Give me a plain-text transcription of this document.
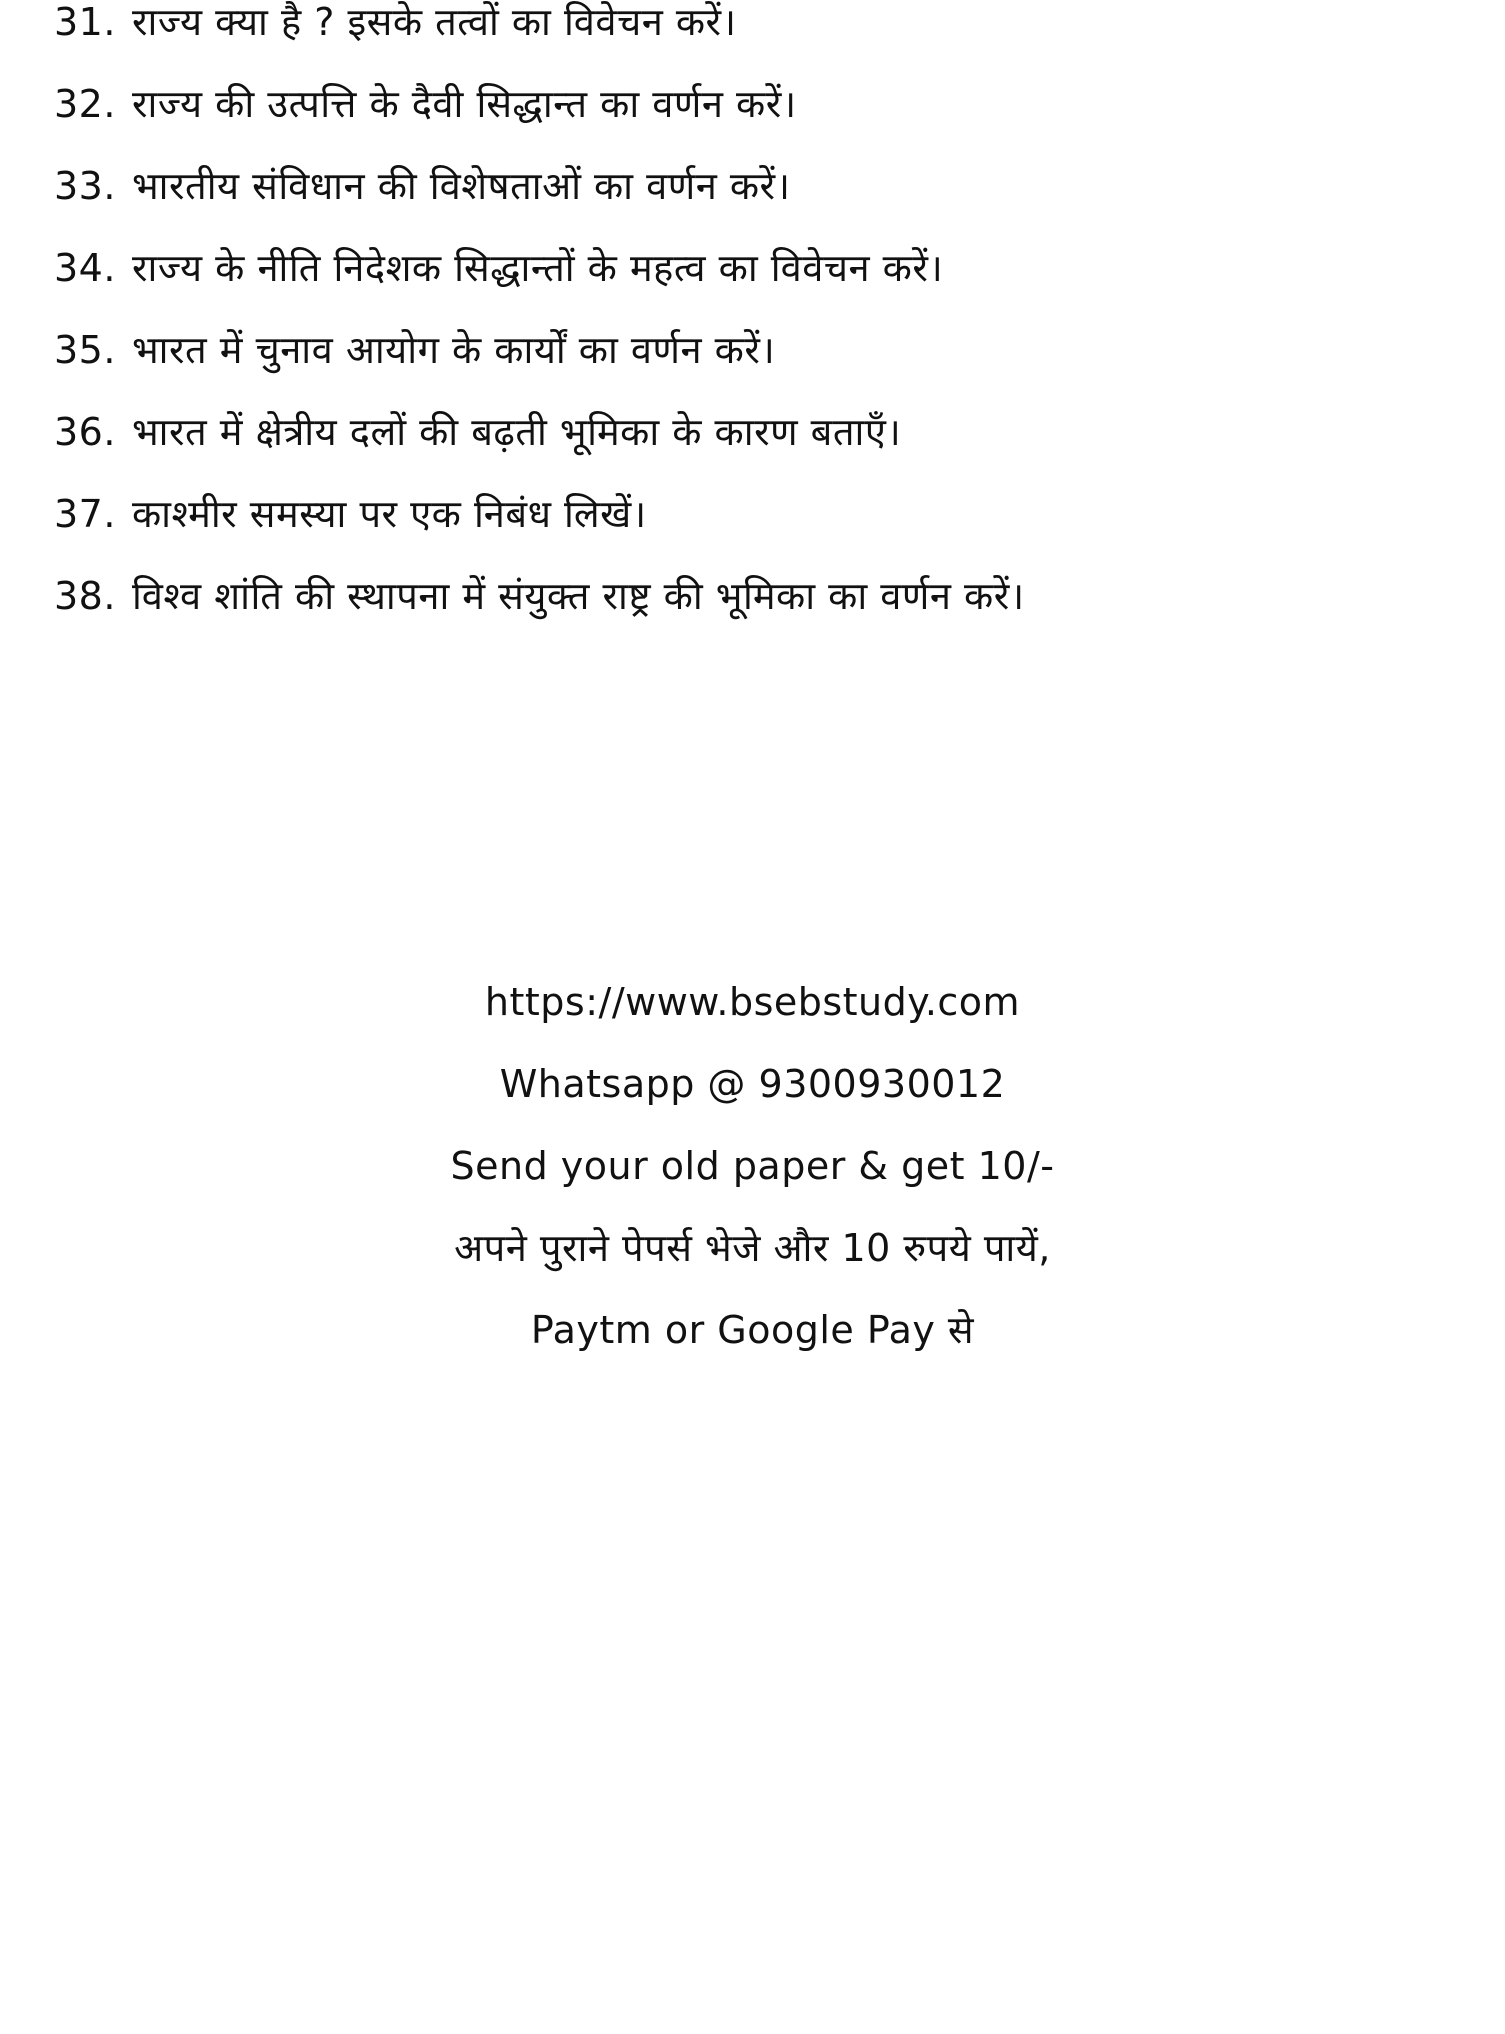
31. राज्य क्या है ? इसके तत्वों का विवेचन करें।
32. राज्य की उत्पत्ति के दैवी सिद्धान्त का वर्णन करें।
33. भारतीय संविधान की विशेषताओं का वर्णन करें।
34. राज्य के नीति निदेशक सिद्धान्तों के महत्व का विवेचन करें।
35. भारत में चुनाव आयोग के कार्यों का वर्णन करें।
36. भारत में क्षेत्रीय दलों की बढ़ती भूमिका के कारण बताएँ।
37. काश्मीर समस्या पर एक निबंध लिखें।
38. विश्व शांति की स्थापना में संयुक्त राष्ट्र की भूमिका का वर्णन करें।
https://www.bsebstudy.com
Whatsapp @ 9300930012
Send your old paper & get 10/-
अपने पुराने पेपर्स भेजे और 10 रुपये पायें,
Paytm or Google Pay से
